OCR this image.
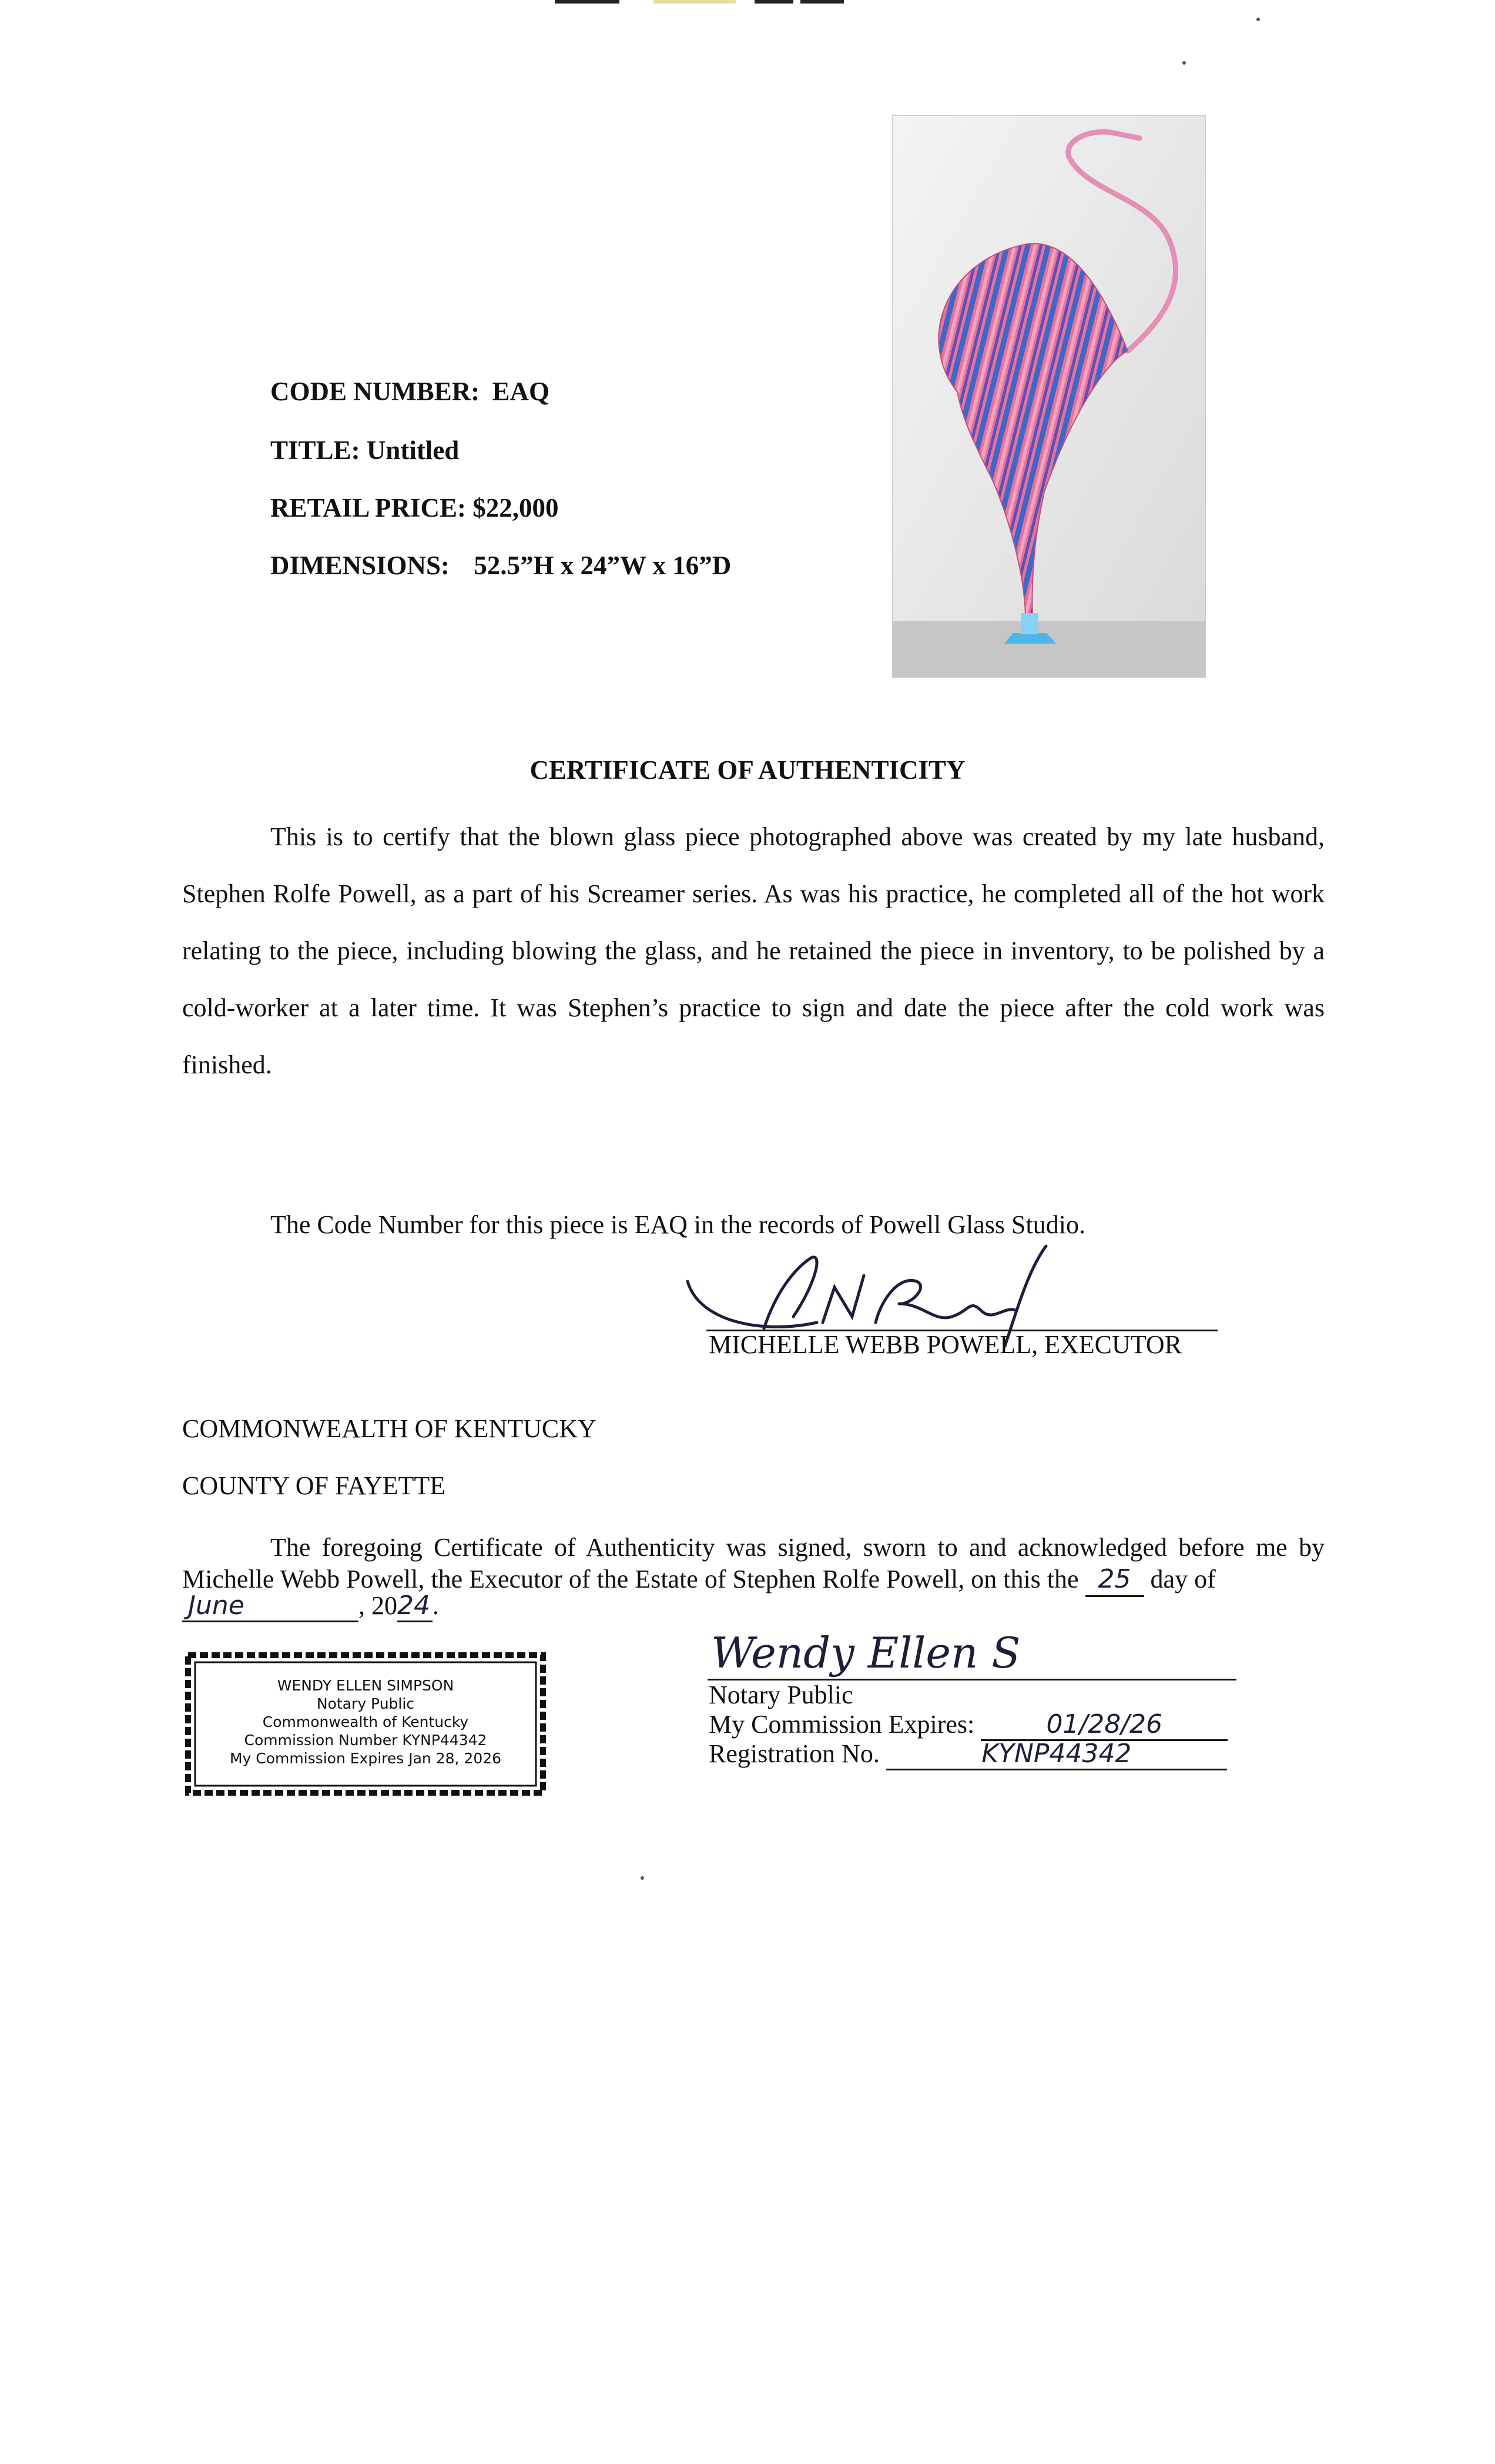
CODE NUMBER: EAQ
TITLE: Untitled
RETAIL PRICE: $22,000
DIMENSIONS: 52.5”H x 24”W x 16”D
CERTIFICATE OF AUTHENTICITY

This is to certify that the blown glass piece photographed above was created by my late husband, Stephen Rolfe Powell, as a part of his Screamer series. As was his practice, he completed all of the hot work relating to the piece, including blowing the glass, and he retained the piece in inventory, to be polished by a cold-worker at a later time. It was Stephen’s practice to sign and date the piece after the cold work was finished.

The Code Number for this piece is EAQ in the records of Powell Glass Studio.
MICHELLE WEBB POWELL, EXECUTOR
COMMONWEALTH OF KENTUCKY
COUNTY OF FAYETTE
The foregoing Certificate of Authenticity was signed, sworn to and acknowledged before me by Michelle Webb Powell, the Executor of the Estate of Stephen Rolfe Powell, on this the 25 day of
June	, 2024.
WENDY ELLEN SIMPSON
Notary Public
Commonwealth of Kentucky
Commission Number KYNP44342
My Commission Expires Jan 28, 2026
Wendy Ellen S
Notary Public
My Commission Expires:	01/28/26
Registration No.	KYNP44342
